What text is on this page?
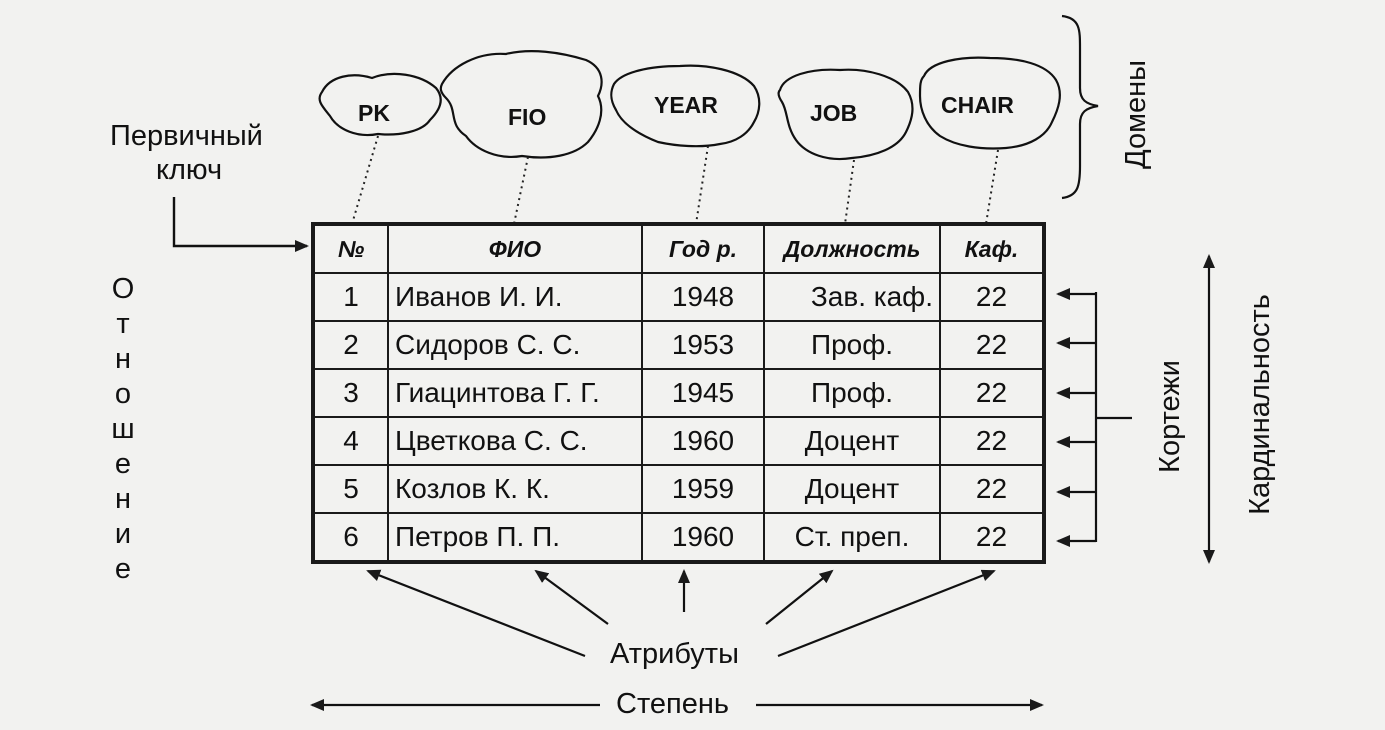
PK	FIO	YEAR	JOB	CHAIR	Домены
Первичный
ключ
О
т
н
о
ш
е
н
и
е
№	ФИО	Год р.	Должность	Каф.
1	Иванов И. И.	1948	Зав. каф.	22
2	Сидоров С. С.	1953	Проф.	22
3	Гиацинтова Г. Г.	1945	Проф.	22
4	Цветкова С. С.	1960	Доцент	22
5	Козлов К. К.	1959	Доцент	22
6	Петров П. П.	1960	Ст. преп.	22
Кортежи Кардинальность
Атрибуты
Степень
